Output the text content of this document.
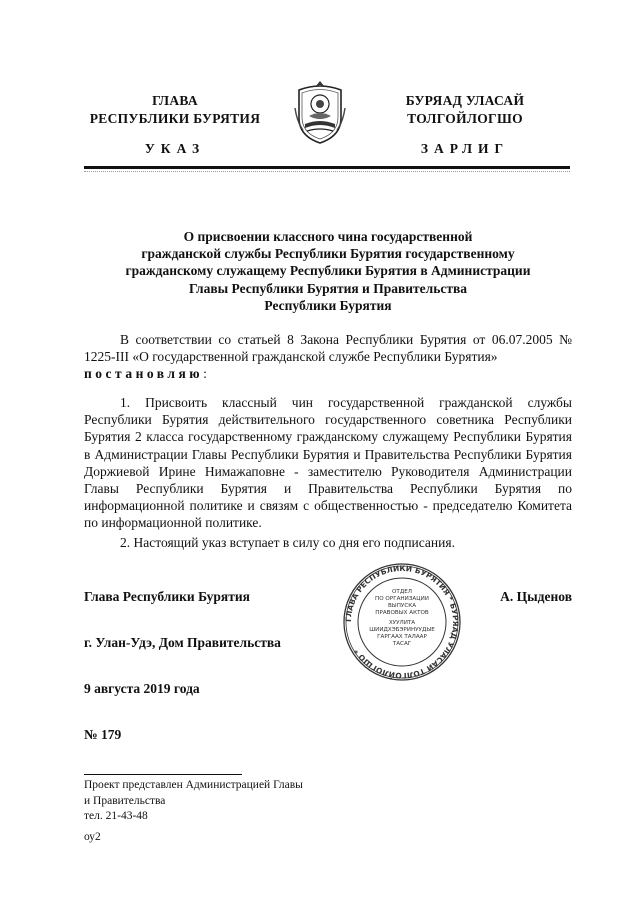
ГЛАВА
РЕСПУБЛИКИ БУРЯТИЯ
БУРЯАД УЛАСАЙ
ТОЛГОЙЛОГШО
УКАЗ	ЗАРЛИГ
О присвоении классного чина государственной
гражданской службы Республики Бурятия государственному
гражданскому служащему Республики Бурятия в Администрации
Главы Республики Бурятия и Правительства
Республики Бурятия
В соответствии со статьей 8 Закона Республики Бурятия от 06.07.2005 № 1225-III «О государственной гражданской службе Республики Бурятия»
постановляю:
1. Присвоить классный чин государственной гражданской службы Республики Бурятия действительного государственного советника Республики Бурятия 2 класса государственному гражданскому служащему Республики Бурятия в Администрации Главы Республики Бурятия и Правительства Республики Бурятия Доржиевой Ирине Нимажаповне - заместителю Руководителя Администрации Главы Республики Бурятия и Правительства Республики Бурятия по информационной политике и связям с общественностью - председателю Комитета по информационной политике.
2. Настоящий указ вступает в силу со дня его подписания.
Глава Республики Бурятия	А. Цыденов
ГЛАВА РЕСПУБЛИКИ БУРЯТИЯ * БУРЯАД УЛАСАЙ ТОЛГОЙЛОГШО *
ОТДЕЛ
ПО ОРГАНИЗАЦИИ
ВЫПУСКА
ПРАВОВЫХ АКТОВ
ХУУЛИТА
ШИИДХЭБЭРИНУУДЫЕ
ГАРГААХ ТАЛААР
ТАСАГ
г. Улан-Удэ, Дом Правительства
9 августа 2019 года
№ 179
Проект представлен Администрацией Главы
и Правительства
тел. 21-43-48
оу2
